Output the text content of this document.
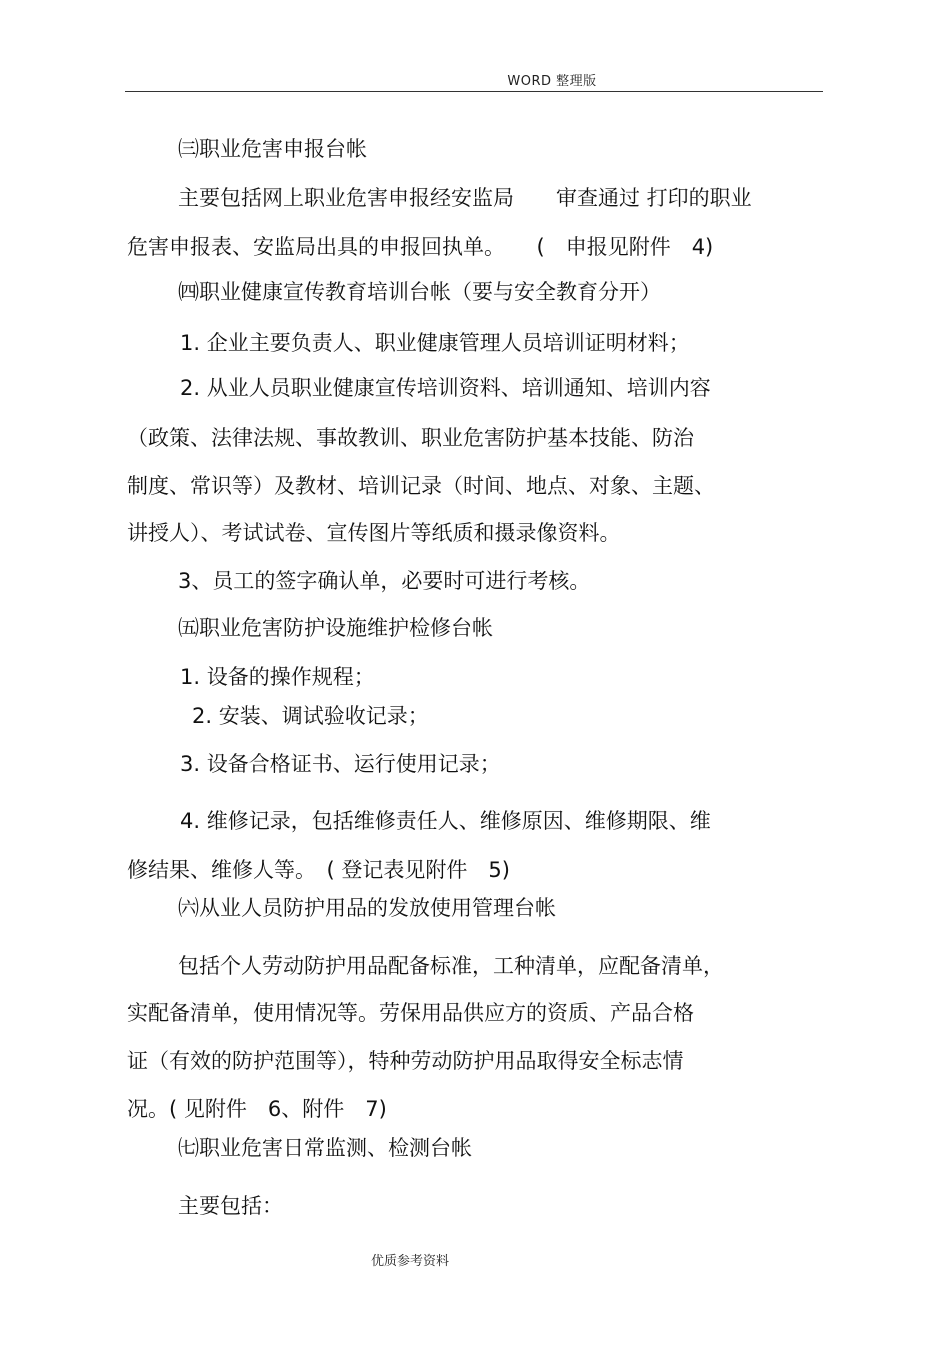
WORD 整理版
㈢职业危害申报台帐
主要包括网上职业危害申报经安监局　　审查通过 打印的职业
危害申报表、安监局出具的申报回执单。　　(　申报见附件　4)
㈣职业健康宣传教育培训台帐（要与安全教育分开）
1. 企业主要负责人、职业健康管理人员培训证明材料；
2. 从业人员职业健康宣传培训资料、培训通知、培训内容
（政策、法律法规、事故教训、职业危害防护基本技能、防治
制度、常识等）及教材、培训记录（时间、地点、对象、主题、
讲授人）、考试试卷、宣传图片等纸质和摄录像资料。
3、员工的签字确认单，必要时可进行考核。
㈤职业危害防护设施维护检修台帐
1. 设备的操作规程；
2. 安装、调试验收记录；
3. 设备合格证书、运行使用记录；
4. 维修记录，包括维修责任人、维修原因、维修期限、维
修结果、维修人等。　( 登记表见附件　5)
㈥从业人员防护用品的发放使用管理台帐
包括个人劳动防护用品配备标准，工种清单，应配备清单，
实配备清单，使用情况等。劳保用品供应方的资质、产品合格
证（有效的防护范围等），特种劳动防护用品取得安全标志情
况。( 见附件　6、附件　7)
㈦职业危害日常监测、检测台帐
主要包括：
优质参考资料
